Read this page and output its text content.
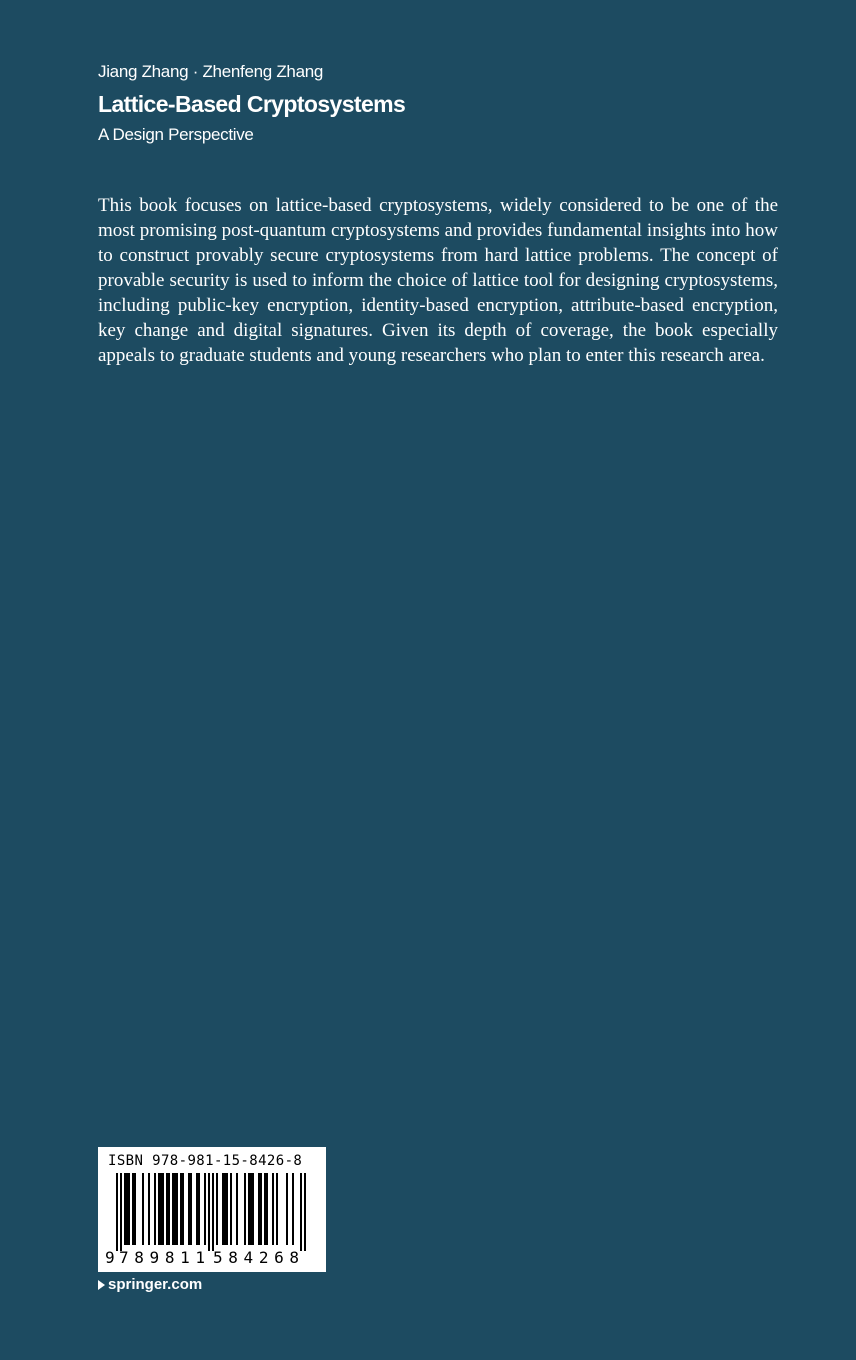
Jiang Zhang · Zhenfeng Zhang
Lattice-Based Cryptosystems
A Design Perspective

This book focuses on lattice-based cryptosystems, widely considered to be one of the most promising post-quantum cryptosystems and provides fundamental insights into how to construct provably secure cryptosystems from hard lattice problems. The concept of provable security is used to inform the choice of lattice tool for designing cryptosystems, including public-key encryption, identity-based encryption, attribute-based encryption, key change and digital signatures. Given its depth of coverage, the book especially appeals to graduate students and young researchers who plan to enter this research area.

ISBN 978-981-15-8426-8
9 789811 584268
springer.com
